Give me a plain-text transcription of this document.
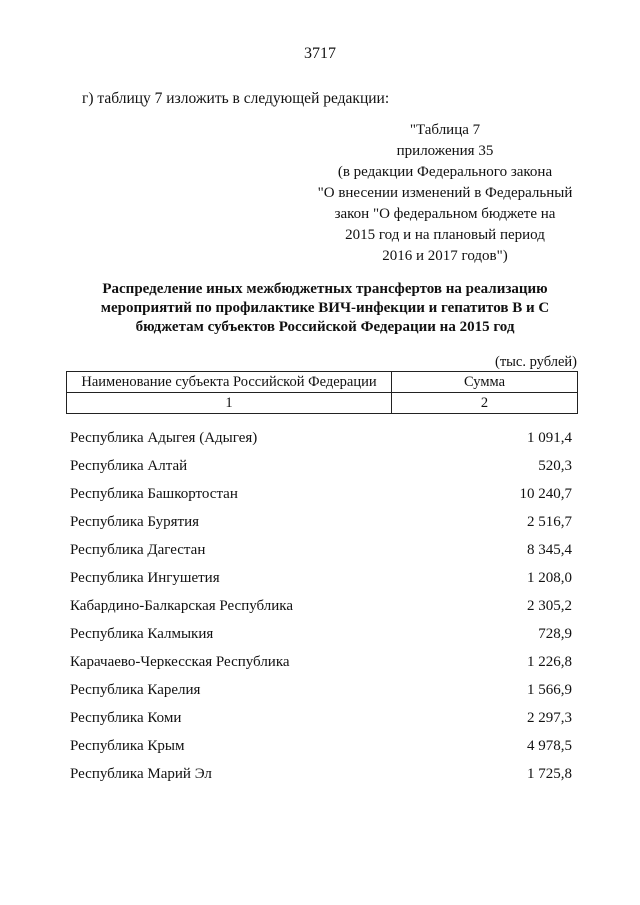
3717
г) таблицу 7 изложить в следующей редакции:
"Таблица 7
приложения 35
(в редакции Федерального закона
"О внесении изменений в Федеральный
закон "О федеральном бюджете на
2015 год и на плановый период
2016 и 2017 годов")
Распределение иных межбюджетных трансфертов на реализацию
мероприятий по профилактике ВИЧ-инфекции и гепатитов В и С
бюджетам субъектов Российской Федерации на 2015 год
(тыс. рублей)
Наименование субъекта Российской Федерации	Сумма
1	2
Республика Адыгея (Адыгея)	1 091,4
Республика Алтай	520,3
Республика Башкортостан	10 240,7
Республика Бурятия	2 516,7
Республика Дагестан	8 345,4
Республика Ингушетия	1 208,0
Кабардино-Балкарская Республика	2 305,2
Республика Калмыкия	728,9
Карачаево-Черкесская Республика	1 226,8
Республика Карелия	1 566,9
Республика Коми	2 297,3
Республика Крым	4 978,5
Республика Марий Эл	1 725,8
